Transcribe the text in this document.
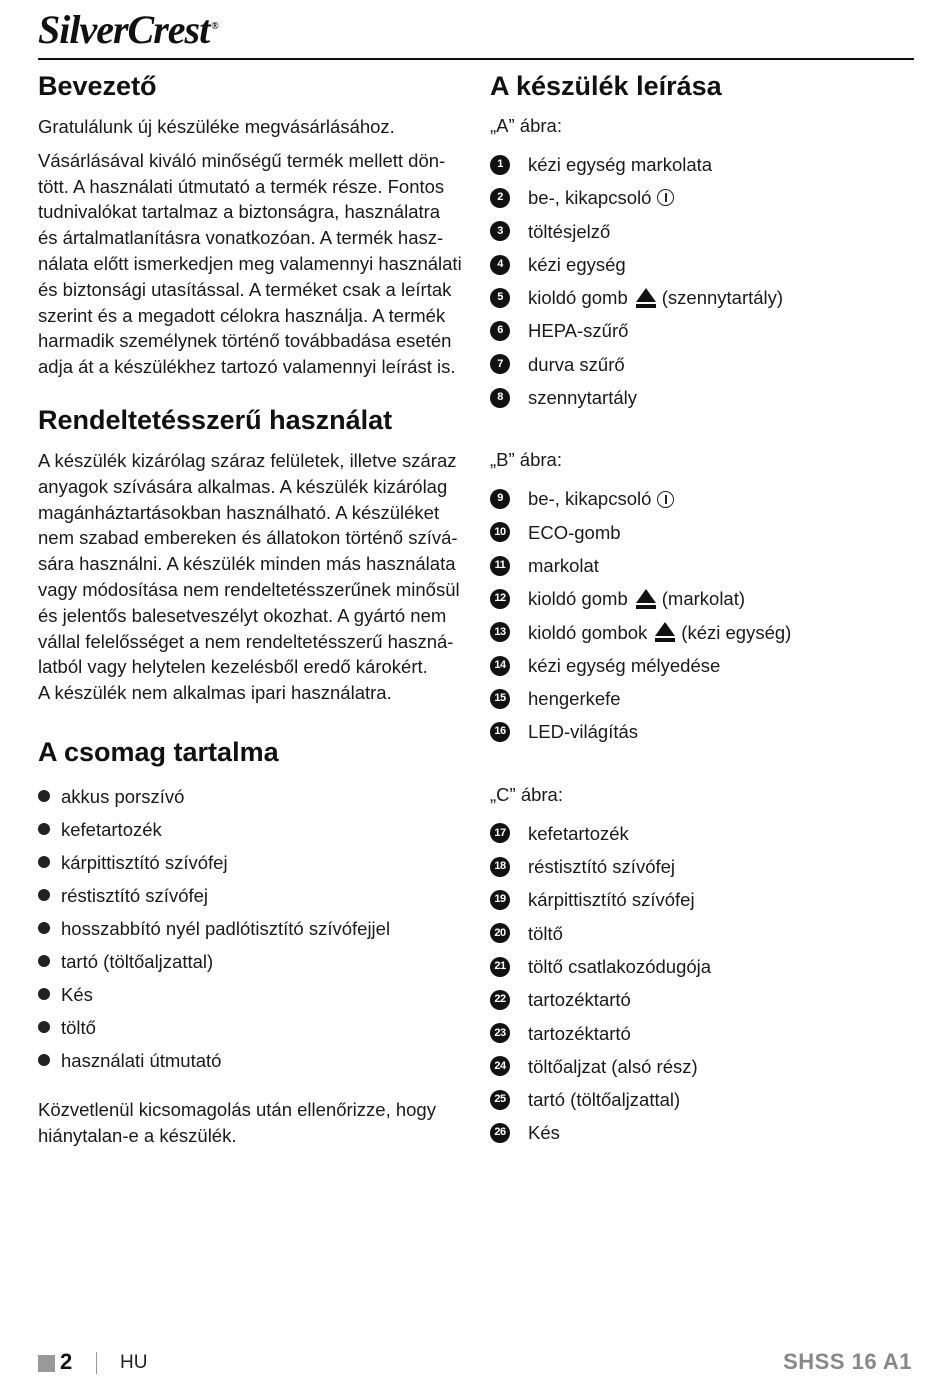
SilverCrest ®
Bevezető

Gratulálunk új készüléke megvásárlásához.

Vásárlásával kiváló minőségű termék mellett dön-
tött. A használati útmutató a termék része. Fontos
tudnivalókat tartalmaz a biztonságra, használatra
és ártalmatlanításra vonatkozóan. A termék hasz-
nálata előtt ismerkedjen meg valamennyi használati
és biztonsági utasítással. A terméket csak a leírtak
szerint és a megadott célokra használja. A termék
harmadik személynek történő továbbadása esetén
adja át a készülékhez tartozó valamennyi leírást is.

Rendeltetésszerű használat

A készülék kizárólag száraz felületek, illetve száraz
anyagok szívására alkalmas. A készülék kizárólag
magánháztartásokban használható. A készüléket
nem szabad embereken és állatokon történő szívá-
sára használni. A készülék minden más használata
vagy módosítása nem rendeltetésszerűnek minősül
és jelentős balesetveszélyt okozhat. A gyártó nem
vállal felelősséget a nem rendeltetésszerű haszná-
latból vagy helytelen kezelésből eredő károkért.
A készülék nem alkalmas ipari használatra.

A csomag tartalma
akkus porszívó
kefetartozék
kárpittisztító szívófej
réstisztító szívófej
hosszabbító nyél padlótisztító szívófejjel
tartó (töltőaljzattal)
Kés
töltő
használati útmutató

Közvetlenül kicsomagolás után ellenőrizze, hogy
hiánytalan-e a készülék.

A készülék leírása
„A” ábra:
1	kézi egység markolata
2	be-, kikapcsoló
3	töltésjelző
4	kézi egység
5	kioldó gomb (szennytartály)
6	HEPA-szűrő
7	durva szűrő
8	szennytartály
„B” ábra:
9	be-, kikapcsoló
10 ECO-gomb
11 markolat
12 kioldó gomb (markolat)
13 kioldó gombok (kézi egység)
14 kézi egység mélyedése
15 hengerkefe
16 LED-világítás
„C” ábra:
17 kefetartozék
18 réstisztító szívófej
19 kárpittisztító szívófej
20 töltő
21 töltő csatlakozódugója
22 tartozéktartó
23 tartozéktartó
24 töltőaljzat (alsó rész)
25 tartó (töltőaljzattal)
26 Kés
2	HU	SHSS 16 A1
